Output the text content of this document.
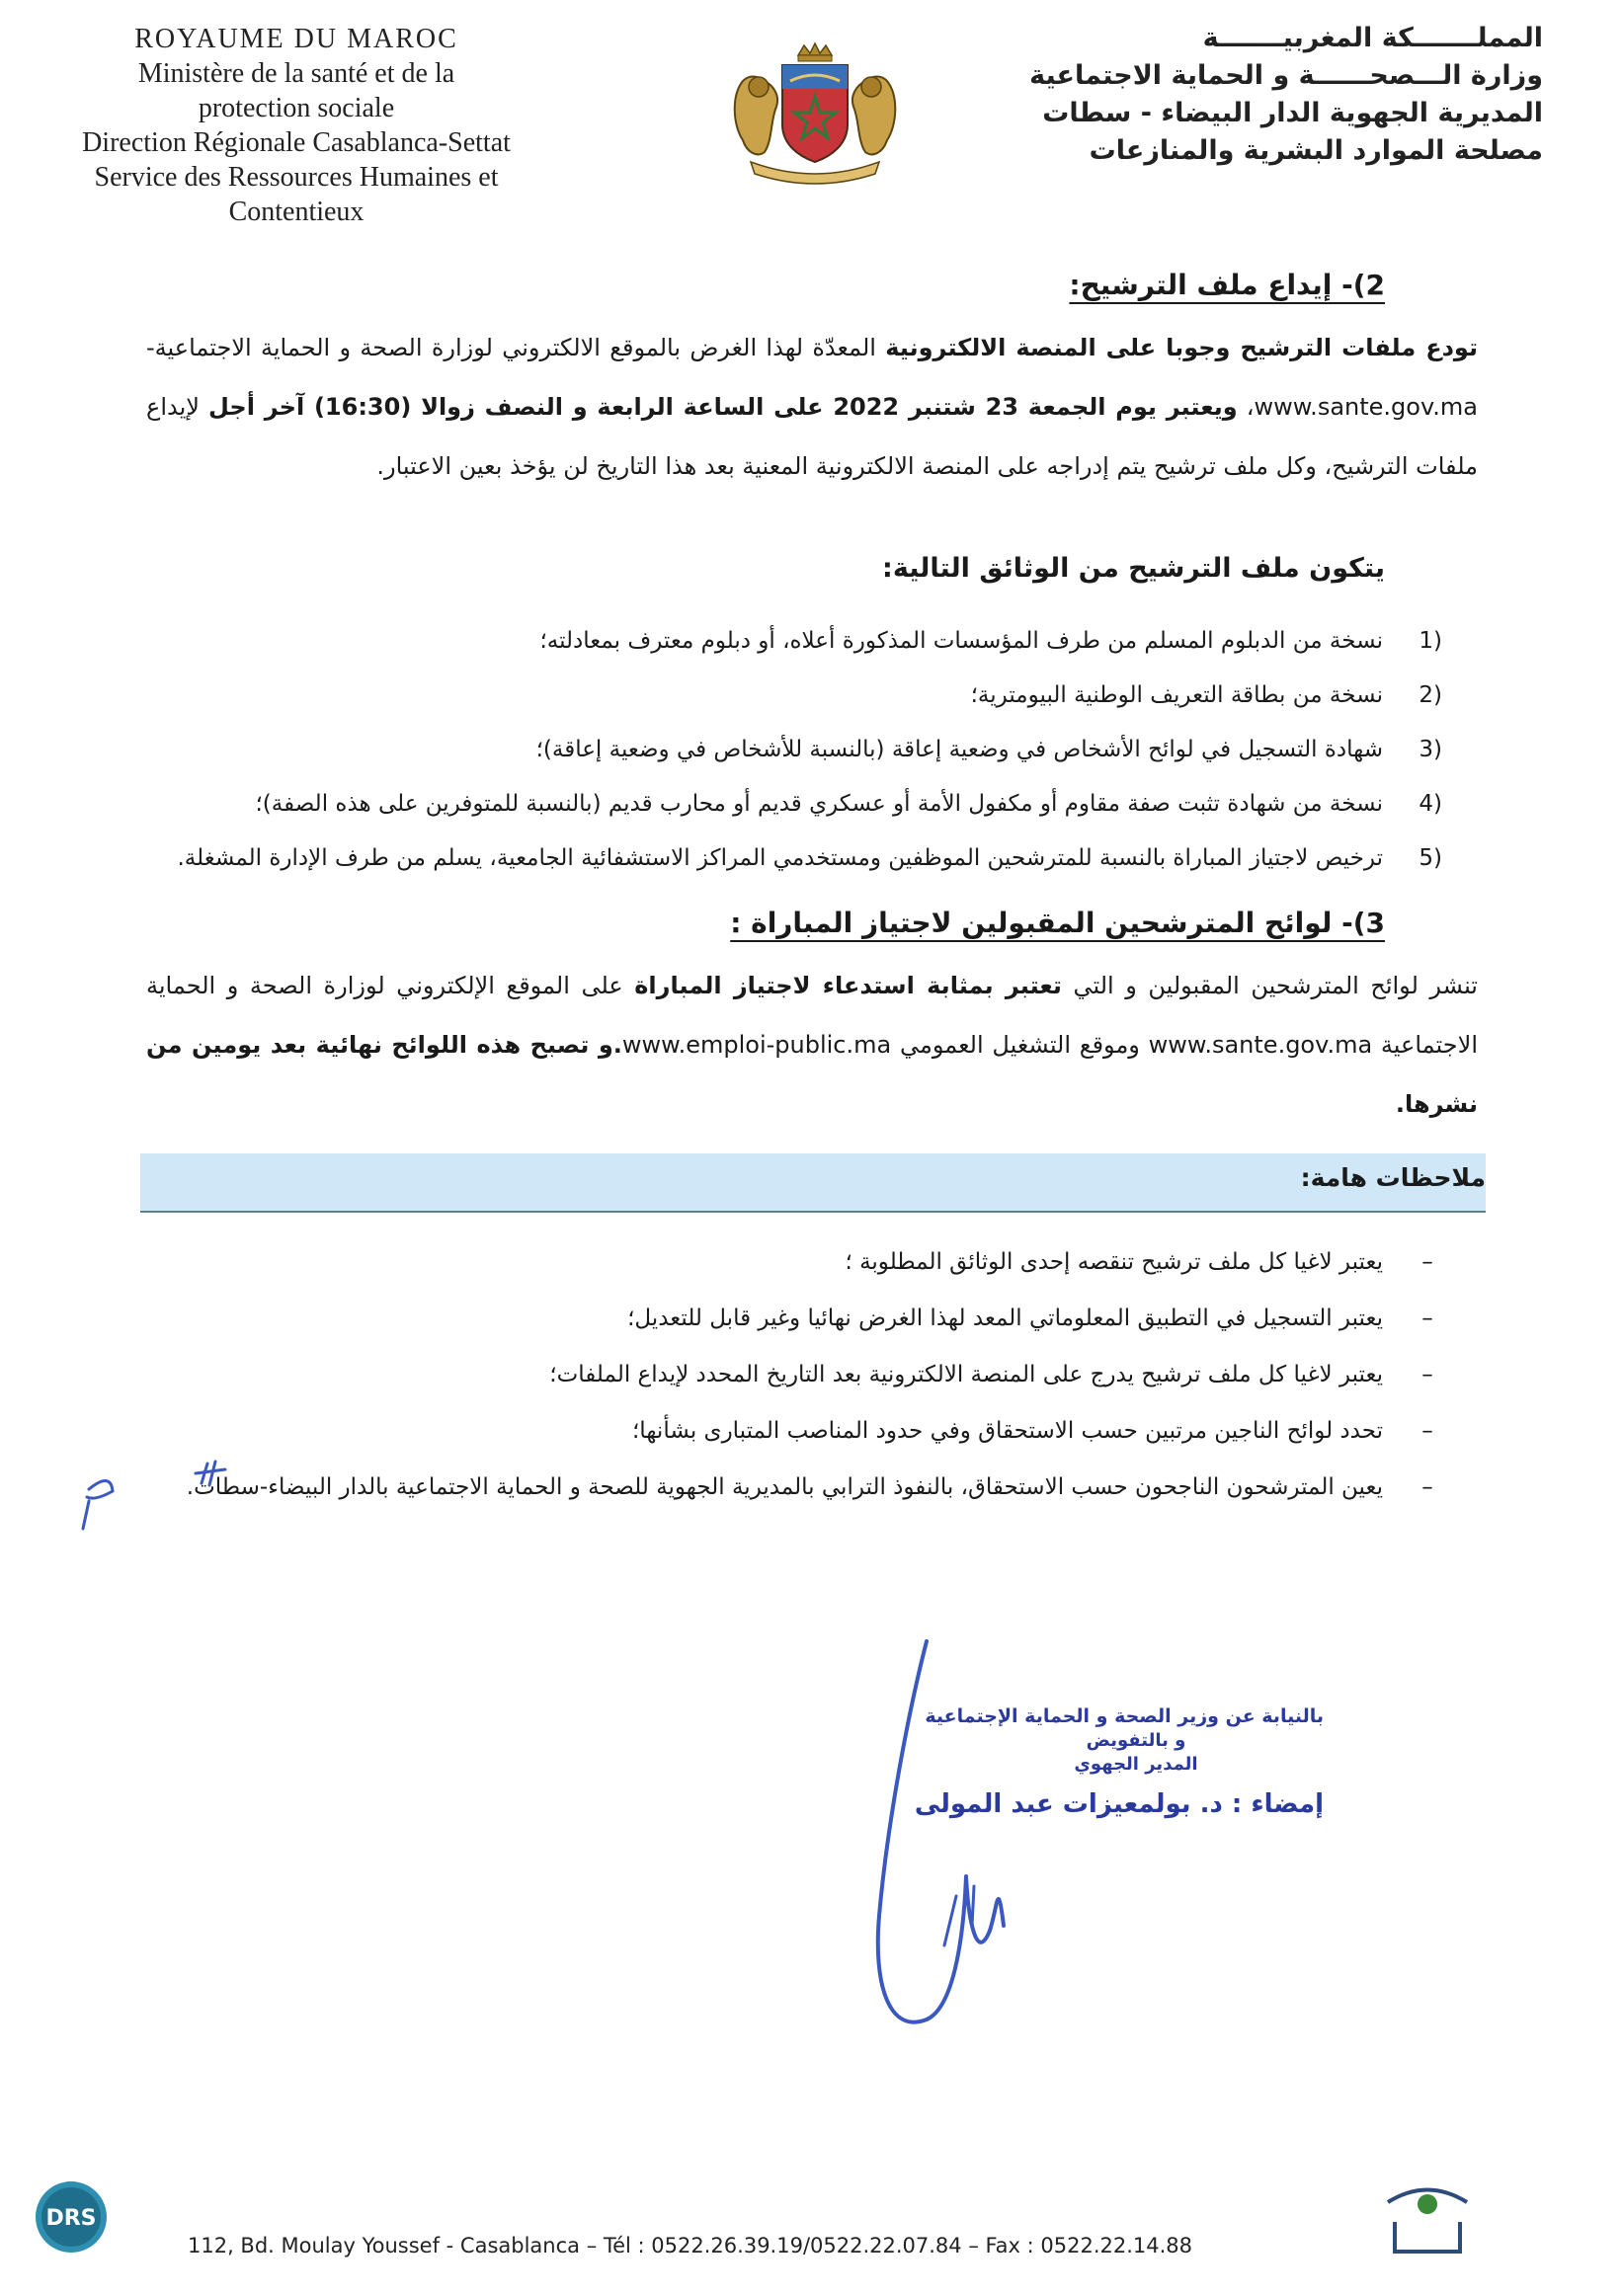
ROYAUME DU MAROC
Ministère de la santé et de la
protection sociale
Direction Régionale Casablanca-Settat
Service des Ressources Humaines et
Contentieux
المملـــــــكة المغربيـــــــة
وزارة الـــصحــــــة و الحماية الاجتماعية
المديرية الجهوية الدار البيضاء - سطات
مصلحة الموارد البشرية والمنازعات
2)- إيداع ملف الترشيح:
تودع ملفات الترشيح وجوبا على المنصة الالكترونية المعدّة لهذا الغرض بالموقع الالكتروني لوزارة الصحة و الحماية الاجتماعية- www.sante.gov.ma، ويعتبر يوم الجمعة 23 شتنبر 2022 على الساعة الرابعة و النصف زوالا (16:30) آخر أجل لإيداع ملفات الترشيح، وكل ملف ترشيح يتم إدراجه على المنصة الالكترونية المعنية بعد هذا التاريخ لن يؤخذ بعين الاعتبار.
يتكون ملف الترشيح من الوثائق التالية:
1)
نسخة من الدبلوم المسلم من طرف المؤسسات المذكورة أعلاه، أو دبلوم معترف بمعادلته؛
2)
نسخة من بطاقة التعريف الوطنية البيومترية؛
3)
شهادة التسجيل في لوائح الأشخاص في وضعية إعاقة (بالنسبة للأشخاص في وضعية إعاقة)؛
4)
نسخة من شهادة تثبت صفة مقاوم أو مكفول الأمة أو عسكري قديم أو محارب قديم (بالنسبة للمتوفرين على هذه الصفة)؛
5)
ترخيص لاجتياز المباراة بالنسبة للمترشحين الموظفين ومستخدمي المراكز الاستشفائية الجامعية، يسلم من طرف الإدارة المشغلة.
3)- لوائح المترشحين المقبولين لاجتياز المباراة :
تنشر لوائح المترشحين المقبولين و التي تعتبر بمثابة استدعاء لاجتياز المباراة على الموقع الإلكتروني لوزارة الصحة و الحماية الاجتماعية www.sante.gov.ma وموقع التشغيل العمومي www.emploi-public.ma.و تصبح هذه اللوائح نهائية بعد يومين من نشرها.
ملاحظات هامة:
–
يعتبر لاغيا كل ملف ترشيح تنقصه إحدى الوثائق المطلوبة ؛
–
يعتبر التسجيل في التطبيق المعلوماتي المعد لهذا الغرض نهائيا وغير قابل للتعديل؛
–
يعتبر لاغيا كل ملف ترشيح يدرج على المنصة الالكترونية بعد التاريخ المحدد لإيداع الملفات؛
–
تحدد لوائح الناجين مرتبين حسب الاستحقاق وفي حدود المناصب المتبارى بشأنها؛
–
يعين المترشحون الناجحون حسب الاستحقاق، بالنفوذ الترابي بالمديرية الجهوية للصحة و الحماية الاجتماعية بالدار البيضاء-سطات.
بالنيابة عن وزير الصحة و الحماية الإجتماعية
و بالتفويض
المدير الجهوي
إمضاء : د. بولمعيزات عبد المولى
DRS
112, Bd. Moulay Youssef - Casablanca – Tél : 0522.26.39.19/0522.22.07.84 – Fax : 0522.22.14.88
